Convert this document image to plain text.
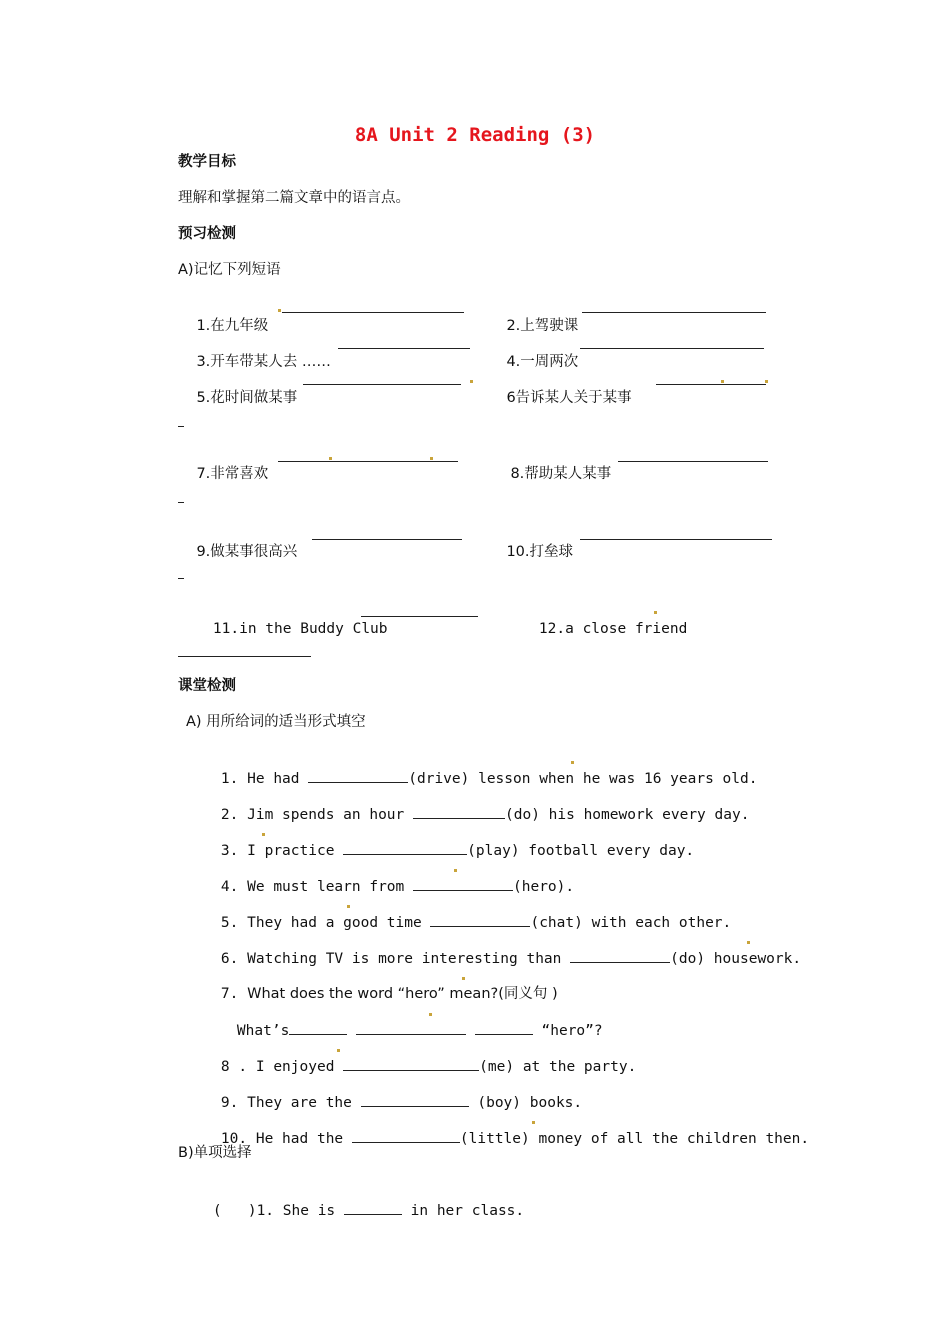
8A Unit 2 Reading (3)
教学目标
理解和掌握第二篇文章中的语言点。
预习检测
A)记忆下列短语

1.在九年级
	2.上驾驶课

3.开车带某人去 ……
	4.一周两次

5.花时间做某事
	6告诉某人关于某事

7.非常喜欢
	8.帮助某人某事

9.做某事很高兴
	10.打垒球

11.in the Buddy Club
	12.a close friend

课堂检测
A) 用所给词的适当形式填空

1. He had	(drive) lesson when he was 16 years old.

2. Jim spends an hour	(do) his homework every day.

3. I practice	(play) football every day.

4. We must learn from	(hero).

5. They had a good time	(chat) with each other.

6. Watching TV is more interesting than	(do) housework.

7. What does the word “hero” mean?(同义句 )

What’s	“hero”?

8 . I enjoyed	(me) at the party.

9. They are the	(boy) books.

10. He had the	(little) money of all the children then.

B)单项选择

(   )1. She is	in her class.
